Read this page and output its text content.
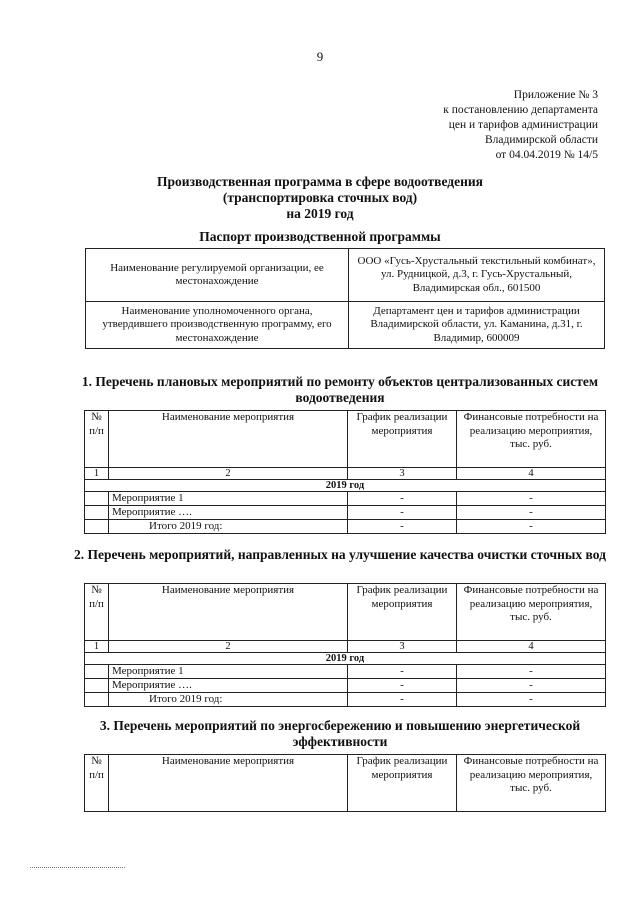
9
Приложение № 3
к постановлению департамента
цен и тарифов администрации
Владимирской области
от 04.04.2019 № 14/5
Производственная программа в сфере водоотведения
(транспортировка сточных вод)
на 2019 год
Паспорт производственной программы
Наименование регулируемой организации, ее местонахождение	ООО «Гусь-Хрустальный текстильный комбинат», ул. Рудницкой, д.3, г. Гусь-Хрустальный, Владимирская обл., 601500
Наименование уполномоченного органа, утвердившего производственную программу, его местонахождение	Департамент цен и тарифов администрации Владимирской области, ул. Каманина, д.31, г. Владимир, 600009
1. Перечень плановых мероприятий по ремонту объектов централизованных систем водоотведения
№ п/п	Наименование мероприятия	График реализации мероприятия	Финансовые потребности на реализацию мероприятия, тыс. руб.
1	2	3	4
2019 год			
	Мероприятие 1	-	-
	Мероприятие ….	-	-
	Итого 2019 год:	-	-
2. Перечень мероприятий, направленных на улучшение качества очистки сточных вод
№ п/п	Наименование мероприятия	График реализации мероприятия	Финансовые потребности на реализацию мероприятия, тыс. руб.
1	2	3	4
2019 год			
	Мероприятие 1	-	-
	Мероприятие ….	-	-
	Итого 2019 год:	-	-
3. Перечень мероприятий по энергосбережению и повышению энергетической эффективности
№ п/п	Наименование мероприятия	График реализации мероприятия	Финансовые потребности на реализацию мероприятия, тыс. руб.
